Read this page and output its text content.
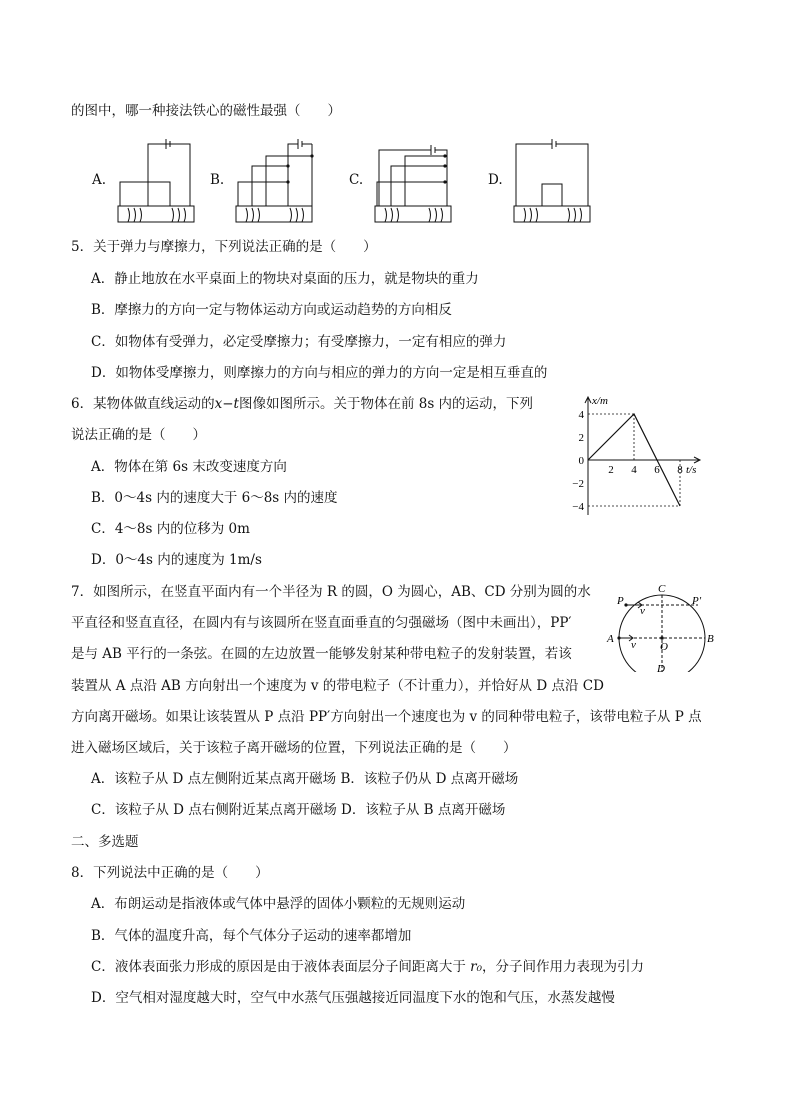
的图中，哪一种接法铁心的磁性最强（　　）
A.	B.	C.	D.
5．关于弹力与摩擦力，下列说法正确的是（　　）
A．静止地放在水平桌面上的物块对桌面的压力，就是物块的重力
B．摩擦力的方向一定与物体运动方向或运动趋势的方向相反
C．如物体有受弹力，必定受摩擦力；有受摩擦力，一定有相应的弹力
D．如物体受摩擦力，则摩擦力的方向与相应的弹力的方向一定是相互垂直的
6．某物体做直线运动的x−t图像如图所示。关于物体在前 8s 内的运动，下列
说法正确的是（　　）
A．物体在第 6s 末改变速度方向
B．0～4s 内的速度大于 6～8s 内的速度
C．4～8s 内的位移为 0m
D．0～4s 内的速度为 1m/s
x/m
t/s
4
2
0
−2
−4
2 4 6 8
7．如图所示，在竖直平面内有一个半径为 R 的圆，O 为圆心，AB、CD 分别为圆的水
平直径和竖直直径，在圆内有与该圆所在竖直面垂直的匀强磁场（图中未画出），PP′
是与 AB 平行的一条弦。在圆的左边放置一能够发射某种带电粒子的发射装置，若该
装置从 A 点沿 AB 方向射出一个速度为 v 的带电粒子（不计重力），并恰好从 D 点沿 CD
方向离开磁场。如果让该装置从 P 点沿 PP′方向射出一个速度也为 v 的同种带电粒子，该带电粒子从 P 点
进入磁场区域后，关于该粒子离开磁场的位置，下列说法正确的是（　　）
A．该粒子从 D 点左侧附近某点离开磁场 B．该粒子仍从 D 点离开磁场
C．该粒子从 D 点右侧附近某点离开磁场 D．该粒子从 B 点离开磁场
C
D
A	B
O
P	P′
v
v
二、多选题
8．下列说法中正确的是（　　）
A．布朗运动是指液体或气体中悬浮的固体小颗粒的无规则运动
B．气体的温度升高，每个气体分子运动的速率都增加
C．液体表面张力形成的原因是由于液体表面层分子间距离大于 r₀，分子间作用力表现为引力
D．空气相对湿度越大时，空气中水蒸气压强越接近同温度下水的饱和气压，水蒸发越慢
